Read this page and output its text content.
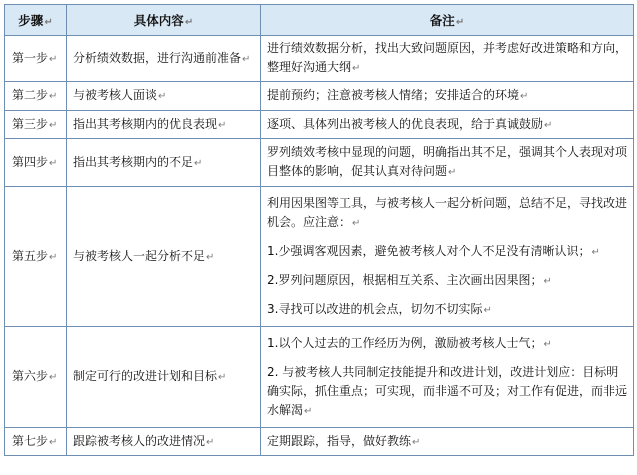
步骤↵	具体内容↵	备注↵
第一步↵	分析绩效数据，进行沟通前准备↵	进行绩效数据分析，找出大致问题原因，并考虑好改进策略和方向，整理好沟通大纲↵

第二步↵	与被考核人面谈↵	提前预约；注意被考核人情绪；安排适合的环境↵

第三步↵	指出其考核期内的优良表现↵	逐项、具体列出被考核人的优良表现，给于真诚鼓励↵

第四步↵	指出其考核期内的不足↵	罗列绩效考核中显现的问题，明确指出其不足，强调其个人表现对项目整体的影响，促其认真对待问题↵

第五步↵	与被考核人一起分析不足↵	利用因果图等工具，与被考核人一起分析问题，总结不足，寻找改进机会。应注意：↵

1.少强调客观因素，避免被考核人对个人不足没有清晰认识；↵

2.罗列问题原因，根据相互关系、主次画出因果图；↵

3.寻找可以改进的机会点，切勿不切实际↵

第六步↵	制定可行的改进计划和目标↵	1.以个人过去的工作经历为例，激励被考核人士气；↵

2. 与被考核人共同制定技能提升和改进计划，改进计划应：目标明确实际，抓住重点；可实现，而非遥不可及；对工作有促进，而非远水解渴↵

第七步↵	跟踪被考核人的改进情况↵	定期跟踪，指导，做好教练↵
